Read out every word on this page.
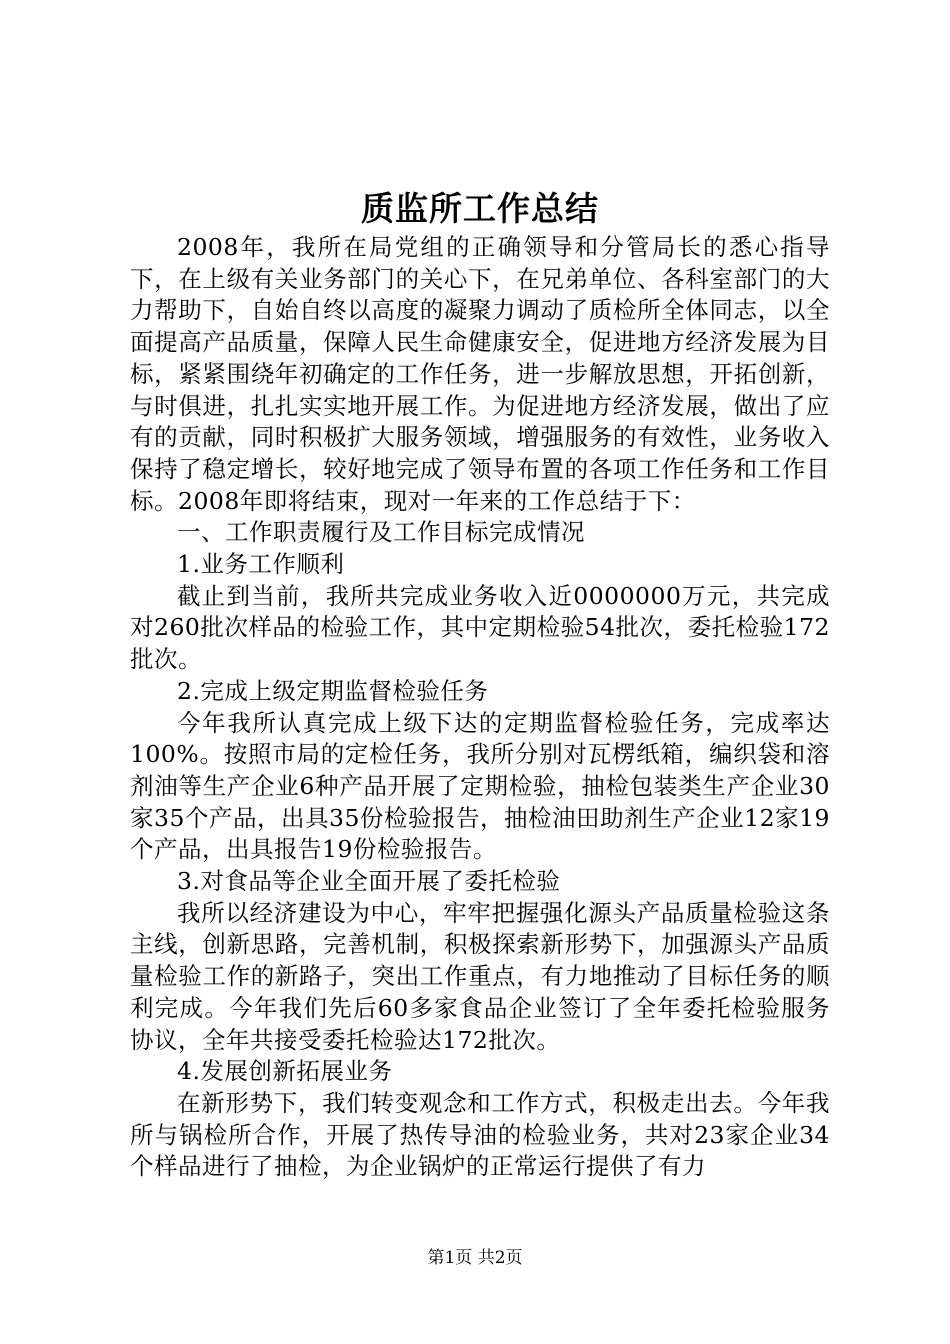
质监所工作总结

2008年，我所在局党组的正确领导和分管局长的悉心指导下，在上级有关业务部门的关心下，在兄弟单位、各科室部门的大力帮助下，自始自终以高度的凝聚力调动了质检所全体同志，以全面提高产品质量，保障人民生命健康安全，促进地方经济发展为目标，紧紧围绕年初确定的工作任务，进一步解放思想，开拓创新，与时俱进，扎扎实实地开展工作。为促进地方经济发展，做出了应有的贡献，同时积极扩大服务领域，增强服务的有效性，业务收入保持了稳定增长，较好地完成了领导布置的各项工作任务和工作目标。2008年即将结束，现对一年来的工作总结于下：

一、工作职责履行及工作目标完成情况

1.业务工作顺利

截止到当前，我所共完成业务收入近0000000万元，共完成对260批次样品的检验工作，其中定期检验54批次，委托检验172批次。

2.完成上级定期监督检验任务

今年我所认真完成上级下达的定期监督检验任务，完成率达100%。按照市局的定检任务，我所分别对瓦楞纸箱，编织袋和溶剂油等生产企业6种产品开展了定期检验，抽检包装类生产企业30家35个产品，出具35份检验报告，抽检油田助剂生产企业12家19个产品，出具报告19份检验报告。

3.对食品等企业全面开展了委托检验

我所以经济建设为中心，牢牢把握强化源头产品质量检验这条主线，创新思路，完善机制，积极探索新形势下，加强源头产品质量检验工作的新路子，突出工作重点，有力地推动了目标任务的顺利完成。今年我们先后60多家食品企业签订了全年委托检验服务协议，全年共接受委托检验达172批次。

4.发展创新拓展业务

在新形势下，我们转变观念和工作方式，积极走出去。今年我所与锅检所合作，开展了热传导油的检验业务，共对23家企业34个样品进行了抽检，为企业锅炉的正常运行提供了有力

第1页 共2页
